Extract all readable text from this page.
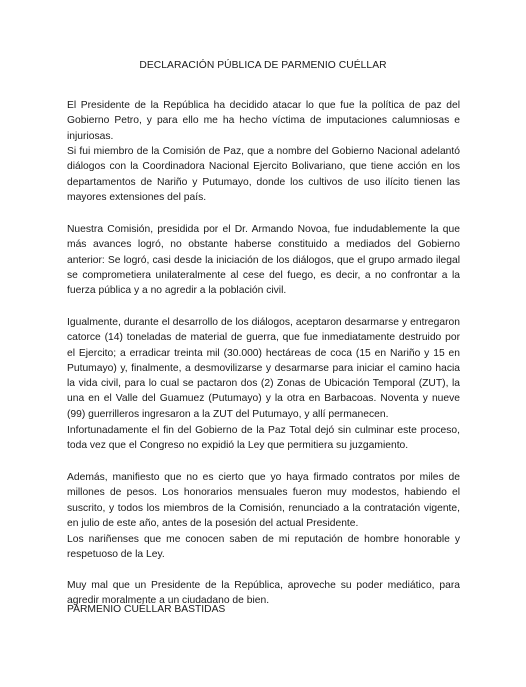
DECLARACIÓN PÚBLICA DE PARMENIO CUÉLLAR

El Presidente de la República ha decidido atacar lo que fue la política de paz del Gobierno Petro, y para ello me ha hecho víctima de imputaciones calumniosas e injuriosas.

Si fui miembro de la Comisión de Paz, que a nombre del Gobierno Nacional adelantó diálogos con la Coordinadora Nacional Ejercito Bolivariano, que tiene acción en los departamentos de Nariño y Putumayo, donde los cultivos de uso ilícito tienen las mayores extensiones del país.

Nuestra Comisión, presidida por el Dr. Armando Novoa, fue indudablemente la que más avances logró, no obstante haberse constituido a mediados del Gobierno anterior: Se logró, casi desde la iniciación de los diálogos, que el grupo armado ilegal se comprometiera unilateralmente al cese del fuego, es decir, a no confrontar a la fuerza pública y a no agredir a la población civil.

Igualmente, durante el desarrollo de los diálogos, aceptaron desarmarse y entregaron catorce (14) toneladas de material de guerra, que fue inmediatamente destruido por el Ejercito; a erradicar treinta mil (30.000) hectáreas de coca (15 en Nariño y 15 en Putumayo) y, finalmente, a desmovilizarse y desarmarse para iniciar el camino hacia la vida civil, para lo cual se pactaron dos (2) Zonas de Ubicación Temporal (ZUT), la una en el Valle del Guamuez (Putumayo) y la otra en Barbacoas. Noventa y nueve (99) guerrilleros ingresaron a la ZUT del Putumayo, y allí permanecen.

Infortunadamente el fin del Gobierno de la Paz Total dejó sin culminar este proceso, toda vez que el Congreso no expidió la Ley que permitiera su juzgamiento.

Además, manifiesto que no es cierto que yo haya firmado contratos por miles de millones de pesos. Los honorarios mensuales fueron muy modestos, habiendo el suscrito, y todos los miembros de la Comisión, renunciado a la contratación vigente, en julio de este año, antes de la posesión del actual Presidente.

Los nariñenses que me conocen saben de mi reputación de hombre honorable y respetuoso de la Ley.

Muy mal que un Presidente de la República, aproveche su poder mediático, para agredir moralmente a un ciudadano de bien.

PARMENIO CUÉLLAR BASTIDAS
